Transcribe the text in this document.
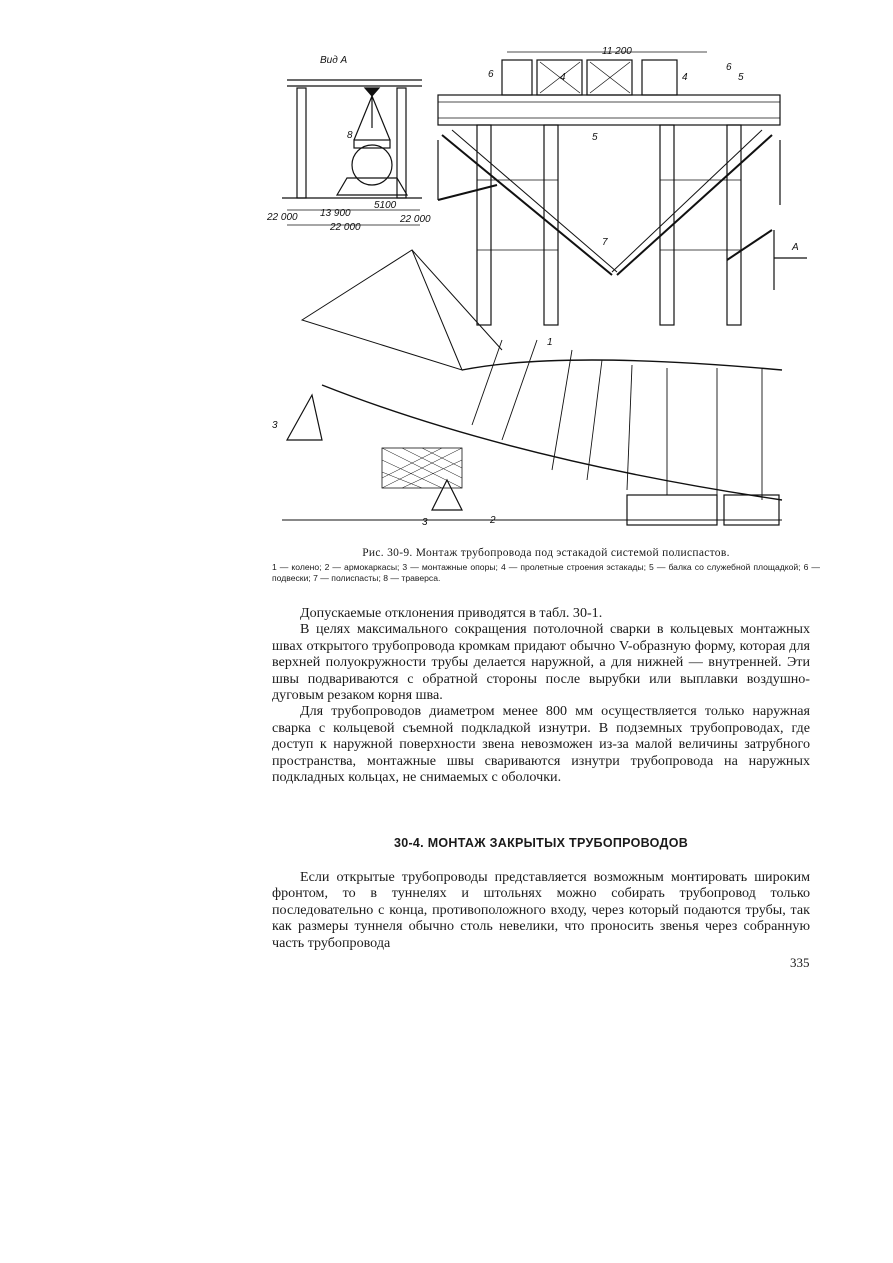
Вид А
11 200
13 900
5100
22 000	22 000
22 000
1
2
3
3
4	4
5
5
6
6
7
8
А
Рис. 30-9. Монтаж трубопровода под эстакадой системой полиспастов.
1 — колено; 2 — армокаркасы; 3 — монтажные опоры; 4 — пролетные строения эстакады; 5 — балка со служебной площадкой; 6 — подвески; 7 — полиспасты; 8 — траверса.

Допускаемые отклонения приводятся в табл. 30-1.

В целях максимального сокращения потолочной сварки в кольцевых монтажных швах открытого трубопровода кромкам придают обычно V-образную форму, которая для верхней полуокружности трубы делается наружной, а для нижней — внутренней. Эти швы подвариваются с обратной стороны после вырубки или выплавки воздушно-дуговым резаком корня шва.

Для трубопроводов диаметром менее 800 мм осуществляется только наружная сварка с кольцевой съемной подкладкой изнутри. В подземных трубопроводах, где доступ к наружной поверхности звена невозможен из-за малой величины затрубного пространства, монтажные швы свариваются изнутри трубопровода на наружных подкладных кольцах, не снимаемых с оболочки.

30-4. МОНТАЖ ЗАКРЫТЫХ ТРУБОПРОВОДОВ

Если открытые трубопроводы представляется возможным монтировать широким фронтом, то в туннелях и штольнях можно собирать трубопровод только последовательно с конца, противоположного входу, через который подаются трубы, так как размеры туннеля обычно столь невелики, что проносить звенья через собранную часть трубопровода

335
